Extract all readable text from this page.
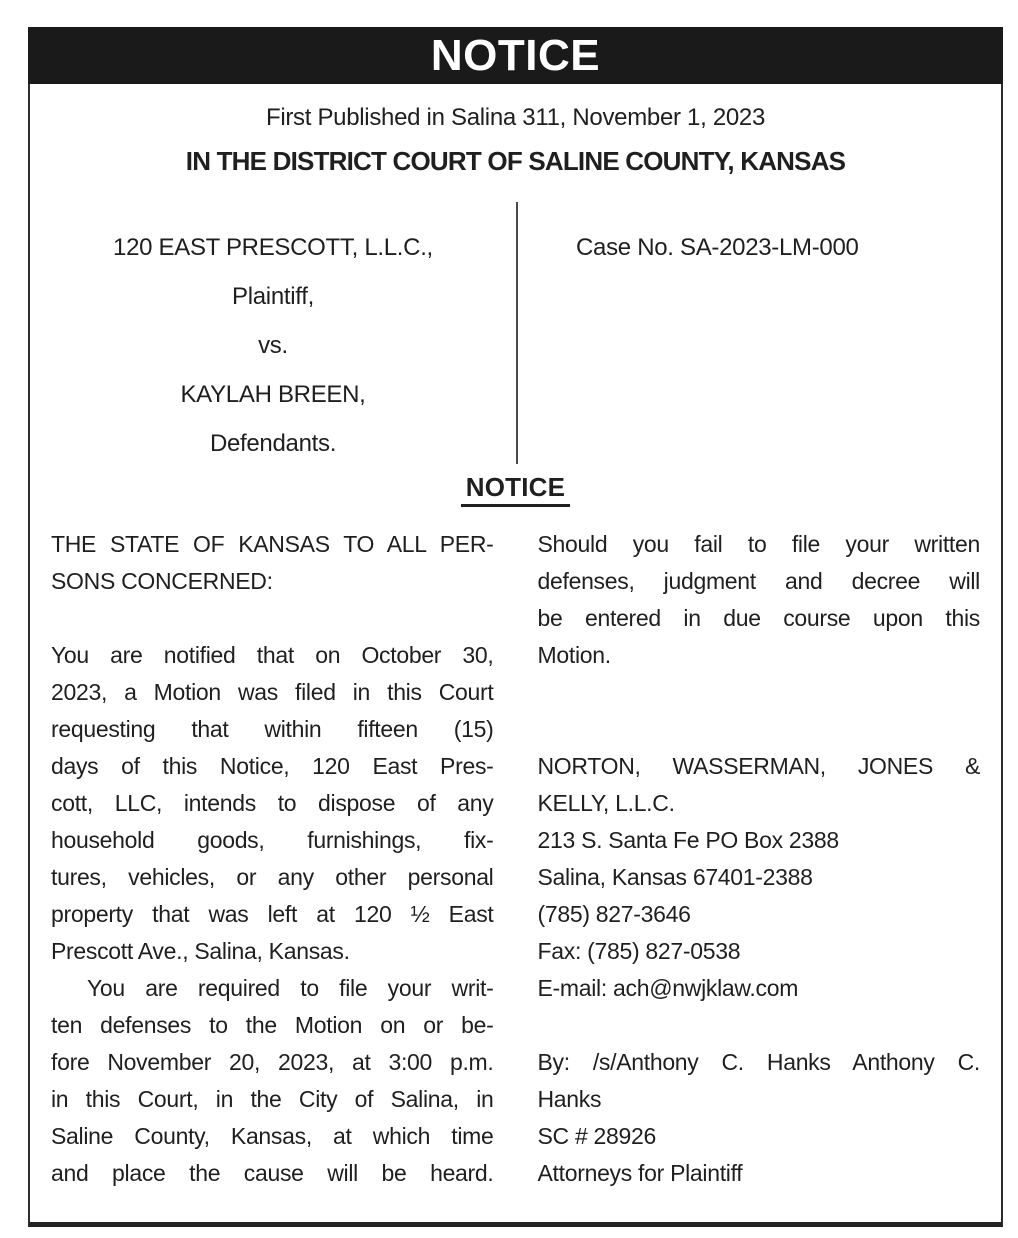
NOTICE
First Published in Salina 311, November 1, 2023
IN THE DISTRICT COURT OF SALINE COUNTY, KANSAS
120 EAST PRESCOTT, L.L.C.,
Plaintiff,
vs.
KAYLAH BREEN,
Defendants.
Case No. SA-2023-LM-000
NOTICE
THE STATE OF KANSAS TO ALL PER-
SONS CONCERNED:

You are notified that on October 30,
2023, a Motion was filed in this Court
requesting that within fifteen (15)
days of this Notice, 120 East Pres-
cott, LLC, intends to dispose of any
household goods, furnishings, fix-
tures, vehicles, or any other personal
property that was left at 120 ½ East
Prescott Ave., Salina, Kansas.
You are required to file your writ-
ten defenses to the Motion on or be-
fore November 20, 2023, at 3:00 p.m.
in this Court, in the City of Salina, in
Saline County, Kansas, at which time
and place the cause will be heard.
Should you fail to file your written
defenses, judgment and decree will
be entered in due course upon this
Motion.

NORTON, WASSERMAN, JONES &
KELLY, L.L.C.
213 S. Santa Fe PO Box 2388
Salina, Kansas 67401-2388
(785) 827-3646
Fax: (785) 827-0538
E-mail: ach@nwjklaw.com

By: /s/Anthony C. Hanks Anthony C.
Hanks
SC # 28926
Attorneys for Plaintiff
